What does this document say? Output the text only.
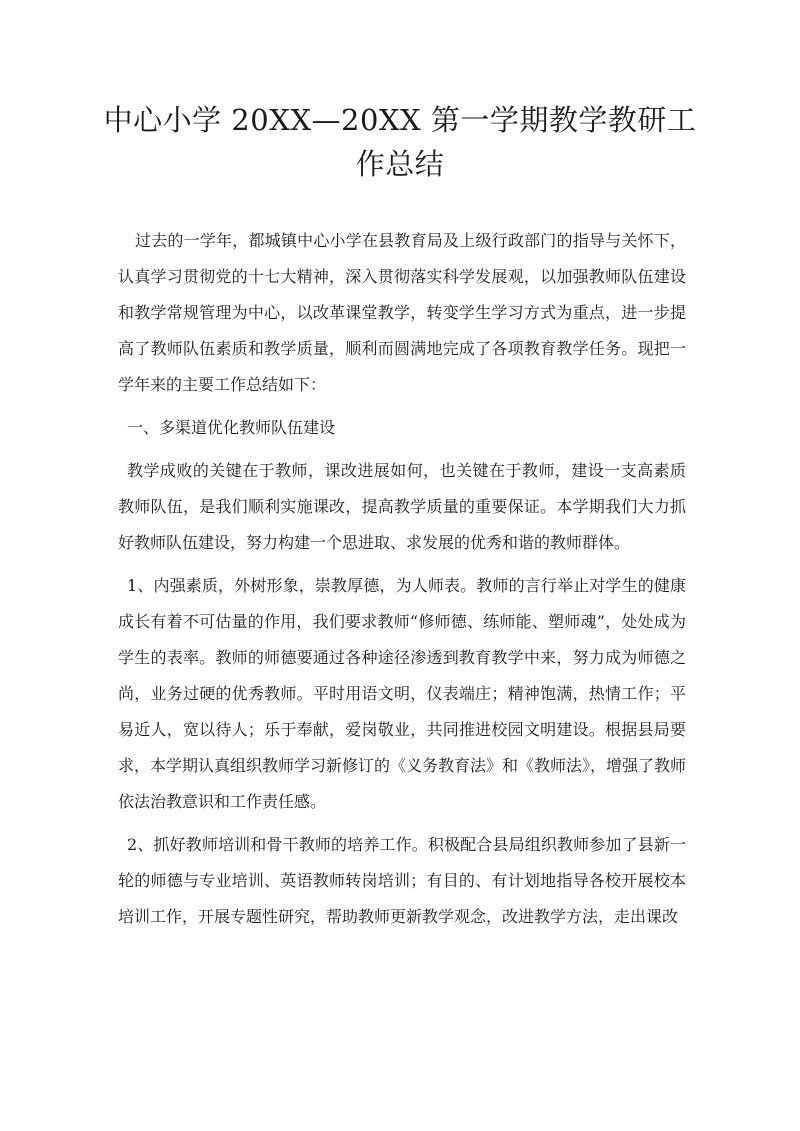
中心小学 20XX—20XX 第一学期教学教研工
作总结

过去的一学年，都城镇中心小学在县教育局及上级行政部门的指导与关怀下，认真学习贯彻党的十七大精神，深入贯彻落实科学发展观，以加强教师队伍建设和教学常规管理为中心，以改革课堂教学，转变学生学习方式为重点，进一步提高了教师队伍素质和教学质量，顺利而圆满地完成了各项教育教学任务。现把一学年来的主要工作总结如下：

一、多渠道优化教师队伍建设

教学成败的关键在于教师，课改进展如何，也关键在于教师，建设一支高素质教师队伍，是我们顺利实施课改，提高教学质量的重要保证。本学期我们大力抓好教师队伍建设，努力构建一个思进取、求发展的优秀和谐的教师群体。

1、内强素质，外树形象，崇教厚德，为人师表。教师的言行举止对学生的健康成长有着不可估量的作用，我们要求教师“修师德、练师能、塑师魂”，处处成为学生的表率。教师的师德要通过各种途径渗透到教育教学中来，努力成为师德之尚，业务过硬的优秀教师。平时用语文明，仪表端庄；精神饱满，热情工作；平易近人，宽以待人；乐于奉献，爱岗敬业，共同推进校园文明建设。根据县局要求，本学期认真组织教师学习新修订的《义务教育法》和《教师法》，增强了教师依法治教意识和工作责任感。

2、抓好教师培训和骨干教师的培养工作。积极配合县局组织教师参加了县新一轮的师德与专业培训、英语教师转岗培训；有目的、有计划地指导各校开展校本培训工作，开展专题性研究，帮助教师更新教学观念，改进教学方法，走出课改
